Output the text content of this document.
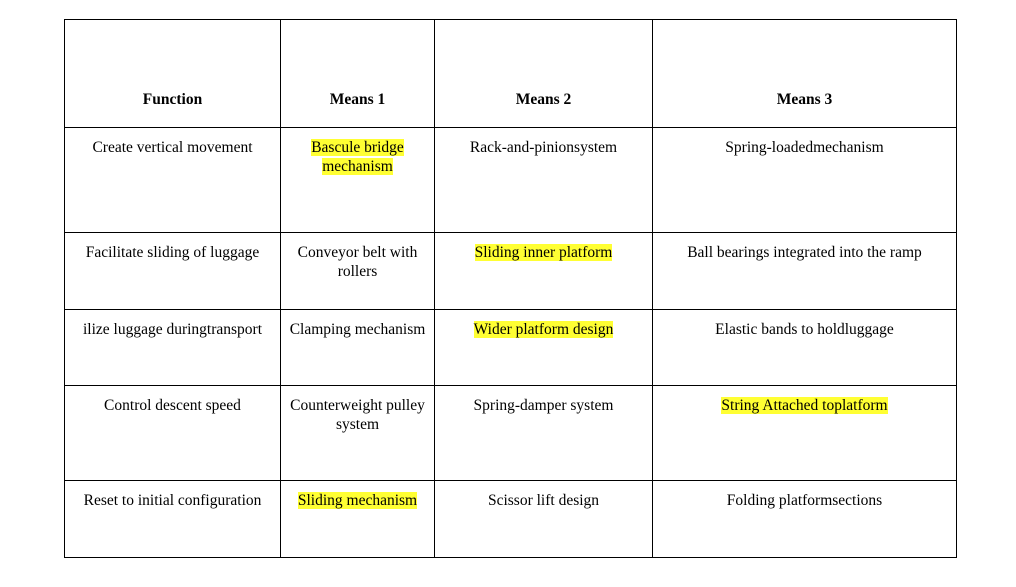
Function	Means 1	Means 2	Means 3
Create vertical movement	Bascule bridge mechanism	Rack-and-pinionsystem	Spring-loadedmechanism
Facilitate sliding of luggage	Conveyor belt with rollers	Sliding inner platform	Ball bearings integrated into the ramp
ilize luggage duringtransport	Clamping mechanism	Wider platform design	Elastic bands to holdluggage
Control descent speed	Counterweight pulley system	Spring-damper system	String Attached toplatform
Reset to initial configuration	Sliding mechanism	Scissor lift design	Folding platformsections
